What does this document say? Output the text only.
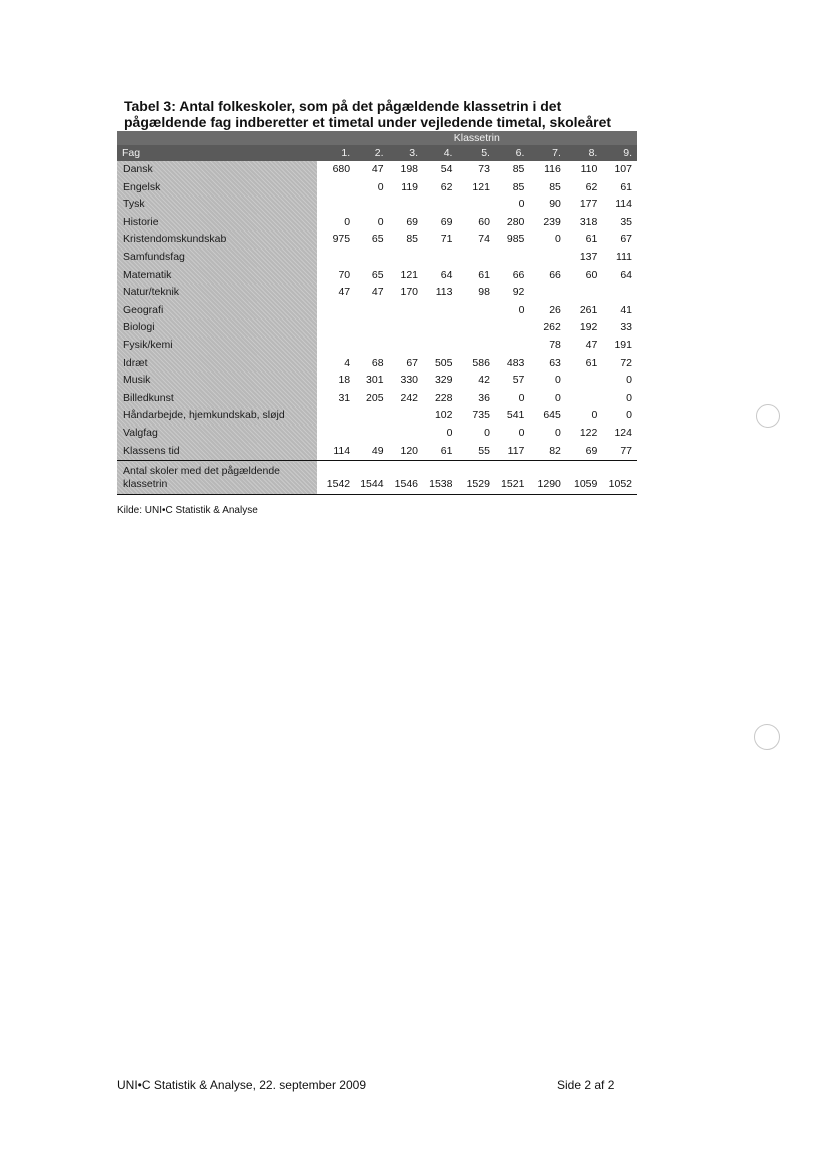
Tabel 3: Antal folkeskoler, som på det pågældende klassetrin i det pågældende fag indberetter et timetal under vejledende timetal, skoleåret
	Klassetrin								
Fag	1.	2.	3.	4.	5.	6.	7.	8.	9.
Dansk	680	47	198	54	73	85	116	110	107
Engelsk		0	119	62	121	85	85	62	61
Tysk						0	90	177	114
Historie	0	0	69	69	60	280	239	318	35
Kristendomskundskab	975	65	85	71	74	985	0	61	67
Samfundsfag								137	111
Matematik	70	65	121	64	61	66	66	60	64
Natur/teknik	47	47	170	113	98	92			
Geografi						0	26	261	41
Biologi							262	192	33
Fysik/kemi							78	47	191
Idræt	4	68	67	505	586	483	63	61	72
Musik	18	301	330	329	42	57	0		0
Billedkunst	31	205	242	228	36	0	0		0
Håndarbejde, hjemkundskab, sløjd				102	735	541	645	0	0
Valgfag				0	0	0	0	122	124
Klassens tid	114	49	120	61	55	117	82	69	77
Antal skoler med det pågældende klassetrin	1542	1544	1546	1538	1529	1521	1290	1059	1052
Kilde: UNI•C Statistik & Analyse
UNI•C Statistik & Analyse, 22. september 2009	Side 2 af 2
